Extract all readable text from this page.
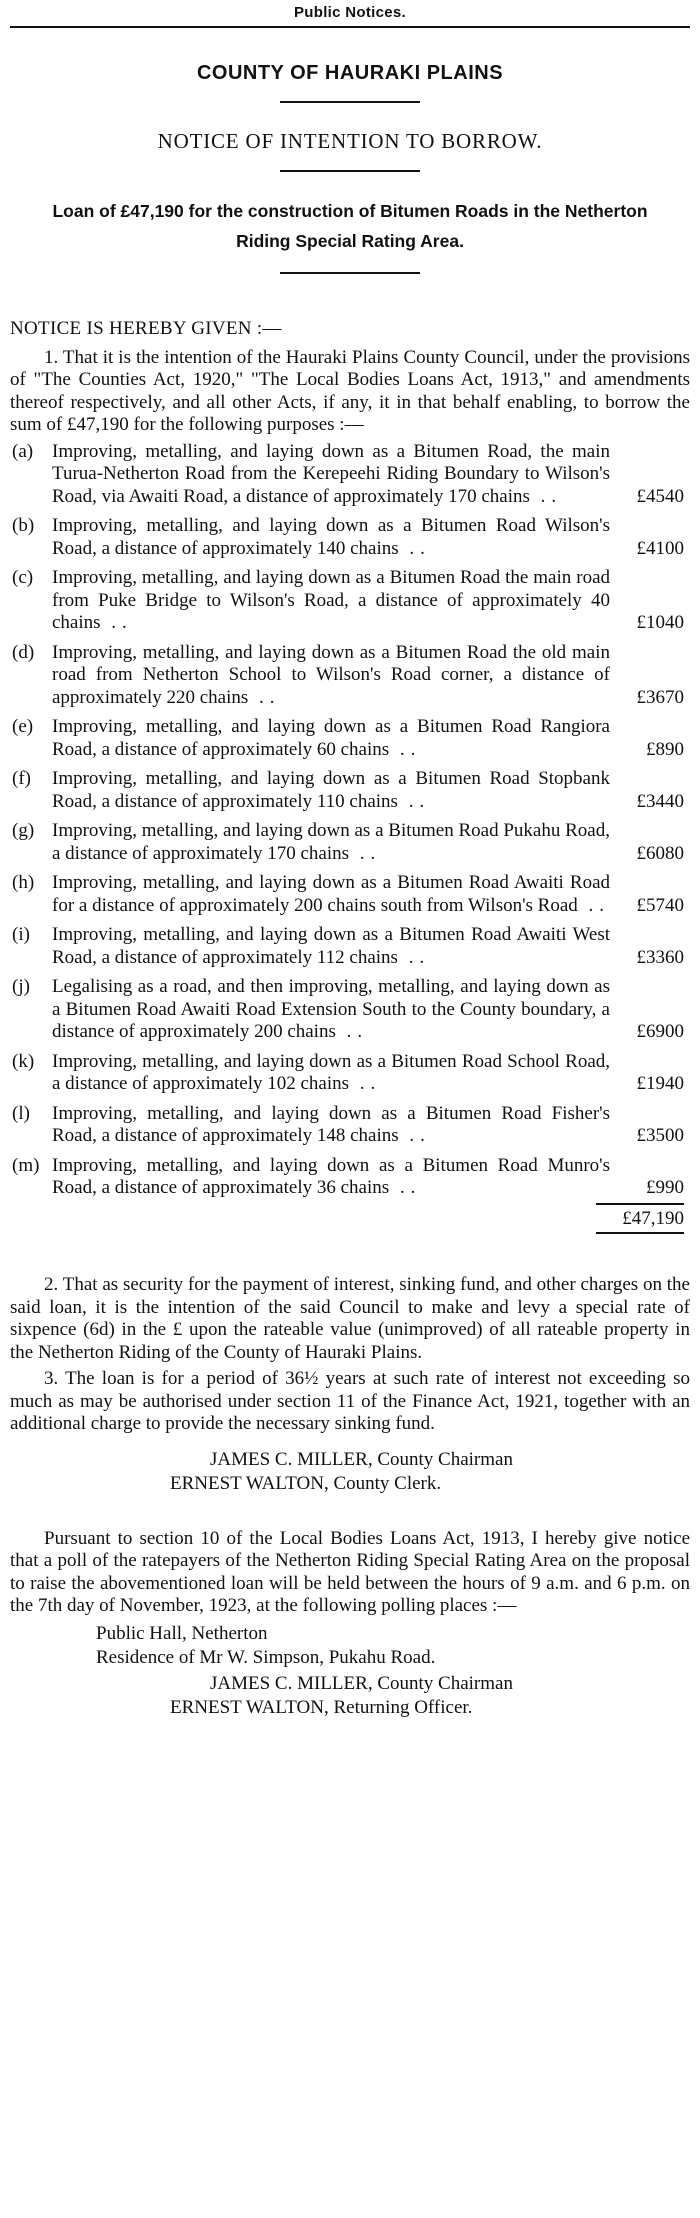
Public Notices.
COUNTY OF HAURAKI PLAINS
NOTICE OF INTENTION TO BORROW.
Loan of £47,190 for the construction of Bitumen Roads in the Netherton Riding Special Rating Area.
NOTICE IS HEREBY GIVEN :—

1. That it is the intention of the Hauraki Plains County Council, under the provisions of "The Counties Act, 1920," "The Local Bodies Loans Act, 1913," and amendments thereof respectively, and all other Acts, if any, it in that behalf enabling, to borrow the sum of £47,190 for the following purposes :—

(a) Improving, metalling, and laying down as a Bitumen Road, the main Turua-Netherton Road from the Kerepeehi Riding Boundary to Wilson's Road, via Awaiti Road, a distance of approximately 170 chains ..	£4540
(b) Improving, metalling, and laying down as a Bitumen Road Wilson's Road, a distance of approximately 140 chains ..	£4100
(c) Improving, metalling, and laying down as a Bitumen Road the main road from Puke Bridge to Wilson's Road, a distance of approximately 40 chains ..	£1040
(d) Improving, metalling, and laying down as a Bitumen Road the old main road from Netherton School to Wilson's Road corner, a distance of approximately 220 chains ..	£3670
(e) Improving, metalling, and laying down as a Bitumen Road Rangiora Road, a distance of approximately 60 chains ..	£890
(f)	Improving, metalling, and laying down as a Bitumen Road Stopbank Road, a distance of approximately 110 chains ..	£3440
(g) Improving, metalling, and laying down as a Bitumen Road Pukahu Road, a distance of approximately 170 chains ..	£6080
(h) Improving, metalling, and laying down as a Bitumen Road Awaiti Road for a distance of approximately 200 chains south from Wilson's Road ..	£5740
(i)	Improving, metalling, and laying down as a Bitumen Road Awaiti West Road, a distance of approximately 112 chains ..	£3360
(j)	Legalising as a road, and then improving, metalling, and laying down as a Bitumen Road Awaiti Road Extension South to the County boundary, a distance of approximately 200 chains ..	£6900
(k) Improving, metalling, and laying down as a Bitumen Road School Road, a distance of approximately 102 chains ..	£1940
(l)	Improving, metalling, and laying down as a Bitumen Road Fisher's Road, a distance of approximately 148 chains ..	£3500
(m) Improving, metalling, and laying down as a Bitumen Road Munro's Road, a distance of approximately 36 chains ..	£990
£47,190

2. That as security for the payment of interest, sinking fund, and other charges on the said loan, it is the intention of the said Council to make and levy a special rate of sixpence (6d) in the £ upon the rateable value (unimproved) of all rateable property in the Netherton Riding of the County of Hauraki Plains.

3. The loan is for a period of 36½ years at such rate of interest not exceeding so much as may be authorised under section 11 of the Finance Act, 1921, together with an additional charge to provide the necessary sinking fund.

JAMES C. MILLER, County Chairman
ERNEST WALTON, County Clerk.

Pursuant to section 10 of the Local Bodies Loans Act, 1913, I hereby give notice that a poll of the ratepayers of the Netherton Riding Special Rating Area on the proposal to raise the abovementioned loan will be held between the hours of 9 a.m. and 6 p.m. on the 7th day of November, 1923, at the following polling places :—

Public Hall, Netherton
Residence of Mr W. Simpson, Pukahu Road.
JAMES C. MILLER, County Chairman
ERNEST WALTON, Returning Officer.
